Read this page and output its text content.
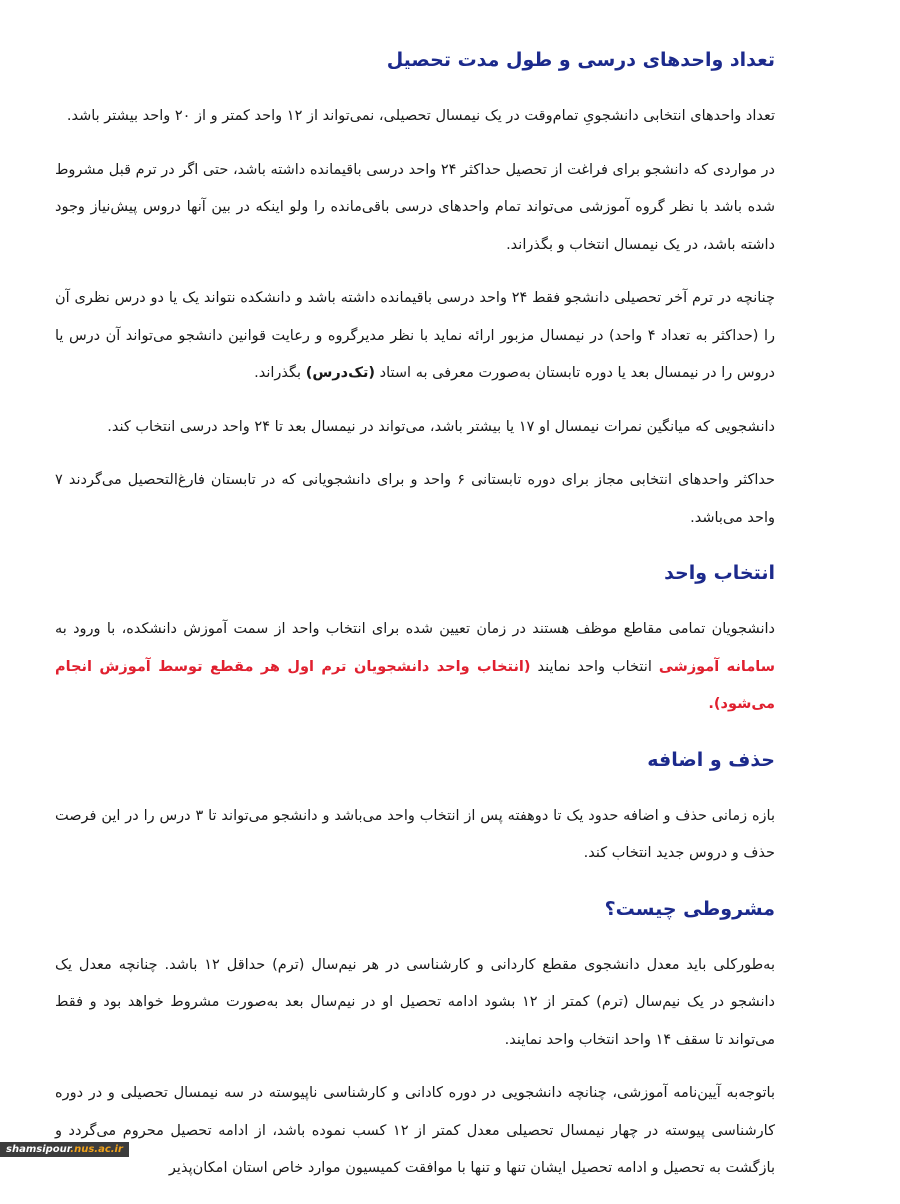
تعداد واحدهای درسی و طول مدت تحصیل

تعداد واحدهای انتخابی دانشجویِ تمام‌وقت در یک نیمسال تحصیلی، نمی‌تواند از ۱۲ واحد کمتر و از ۲۰ واحد بیشتر باشد.

در مواردی که دانشجو برای فراغت از تحصیل حداکثر ۲۴ واحد درسی باقیمانده داشته باشد، حتی اگر در ترم قبل مشروط شده باشد با نظر گروه آموزشی می‌تواند تمام واحدهای درسی باقی‌مانده را ولو اینکه در بین آنها دروس پیش‌نیاز وجود داشته باشد، در یک نیمسال انتخاب و بگذراند.

چنانچه در ترم آخر تحصیلی دانشجو فقط ۲۴ واحد درسی باقیمانده داشته باشد و دانشکده نتواند یک یا دو درس نظری آن را (حداکثر به تعداد ۴ واحد) در نیمسال مزبور ارائه نماید با نظر مدیرگروه و رعایت قوانین دانشجو می‌تواند آن درس یا دروس را در نیمسال بعد یا دوره تابستان به‌صورت معرفی به استاد (تک‌درس) بگذراند.

دانشجویی که میانگین نمرات نیمسال او ۱۷ یا بیشتر باشد، می‌تواند در نیمسال بعد تا ۲۴ واحد درسی انتخاب کند.

حداکثر واحدهای انتخابی مجاز برای دوره تابستانی ۶ واحد و برای دانشجویانی که در تابستان فارغ‌التحصیل می‌گردند ۷ واحد می‌باشد.

انتخاب واحد

دانشجویان تمامی مقاطع موظف هستند در زمان تعیین شده برای انتخاب واحد از سمت آموزش دانشکده، با ورود به سامانه آموزشی انتخاب واحد نمایند (انتخاب واحد دانشجویان ترم اول هر مقطع توسط آموزش انجام می‌شود).

حذف و اضافه

بازه زمانی حذف و اضافه حدود یک تا دوهفته پس از انتخاب واحد می‌باشد و دانشجو می‌تواند تا ۳ درس را در این فرصت حذف و دروس جدید انتخاب کند.

مشروطی چیست؟

به‌طورکلی باید معدل دانشجوی مقطع کاردانی و کارشناسی در هر نیم‌سال (ترم) حداقل ۱۲ باشد. چنانچه معدل یک دانشجو در یک نیم‌سال (ترم) کمتر از ۱۲ بشود ادامه تحصیل او در نیم‌سال بعد به‌صورت مشروط خواهد بود و فقط می‌تواند تا سقف ۱۴ واحد انتخاب واحد نمایند.

باتوجه‌به آیین‌نامه آموزشی، چنانچه دانشجویی در دوره کادانی و کارشناسی ناپیوسته در سه نیمسال تحصیلی و در دوره کارشناسی پیوسته در چهار نیمسال تحصیلی معدل کمتر از ۱۲ کسب نموده باشد، از ادامه تحصیل محروم می‌گردد و بازگشت به تحصیل و ادامه تحصیل ایشان تنها و تنها با موافقت کمیسیون موارد خاص استان امکان‌پذیر

shamsipour.nus.ac.ir
